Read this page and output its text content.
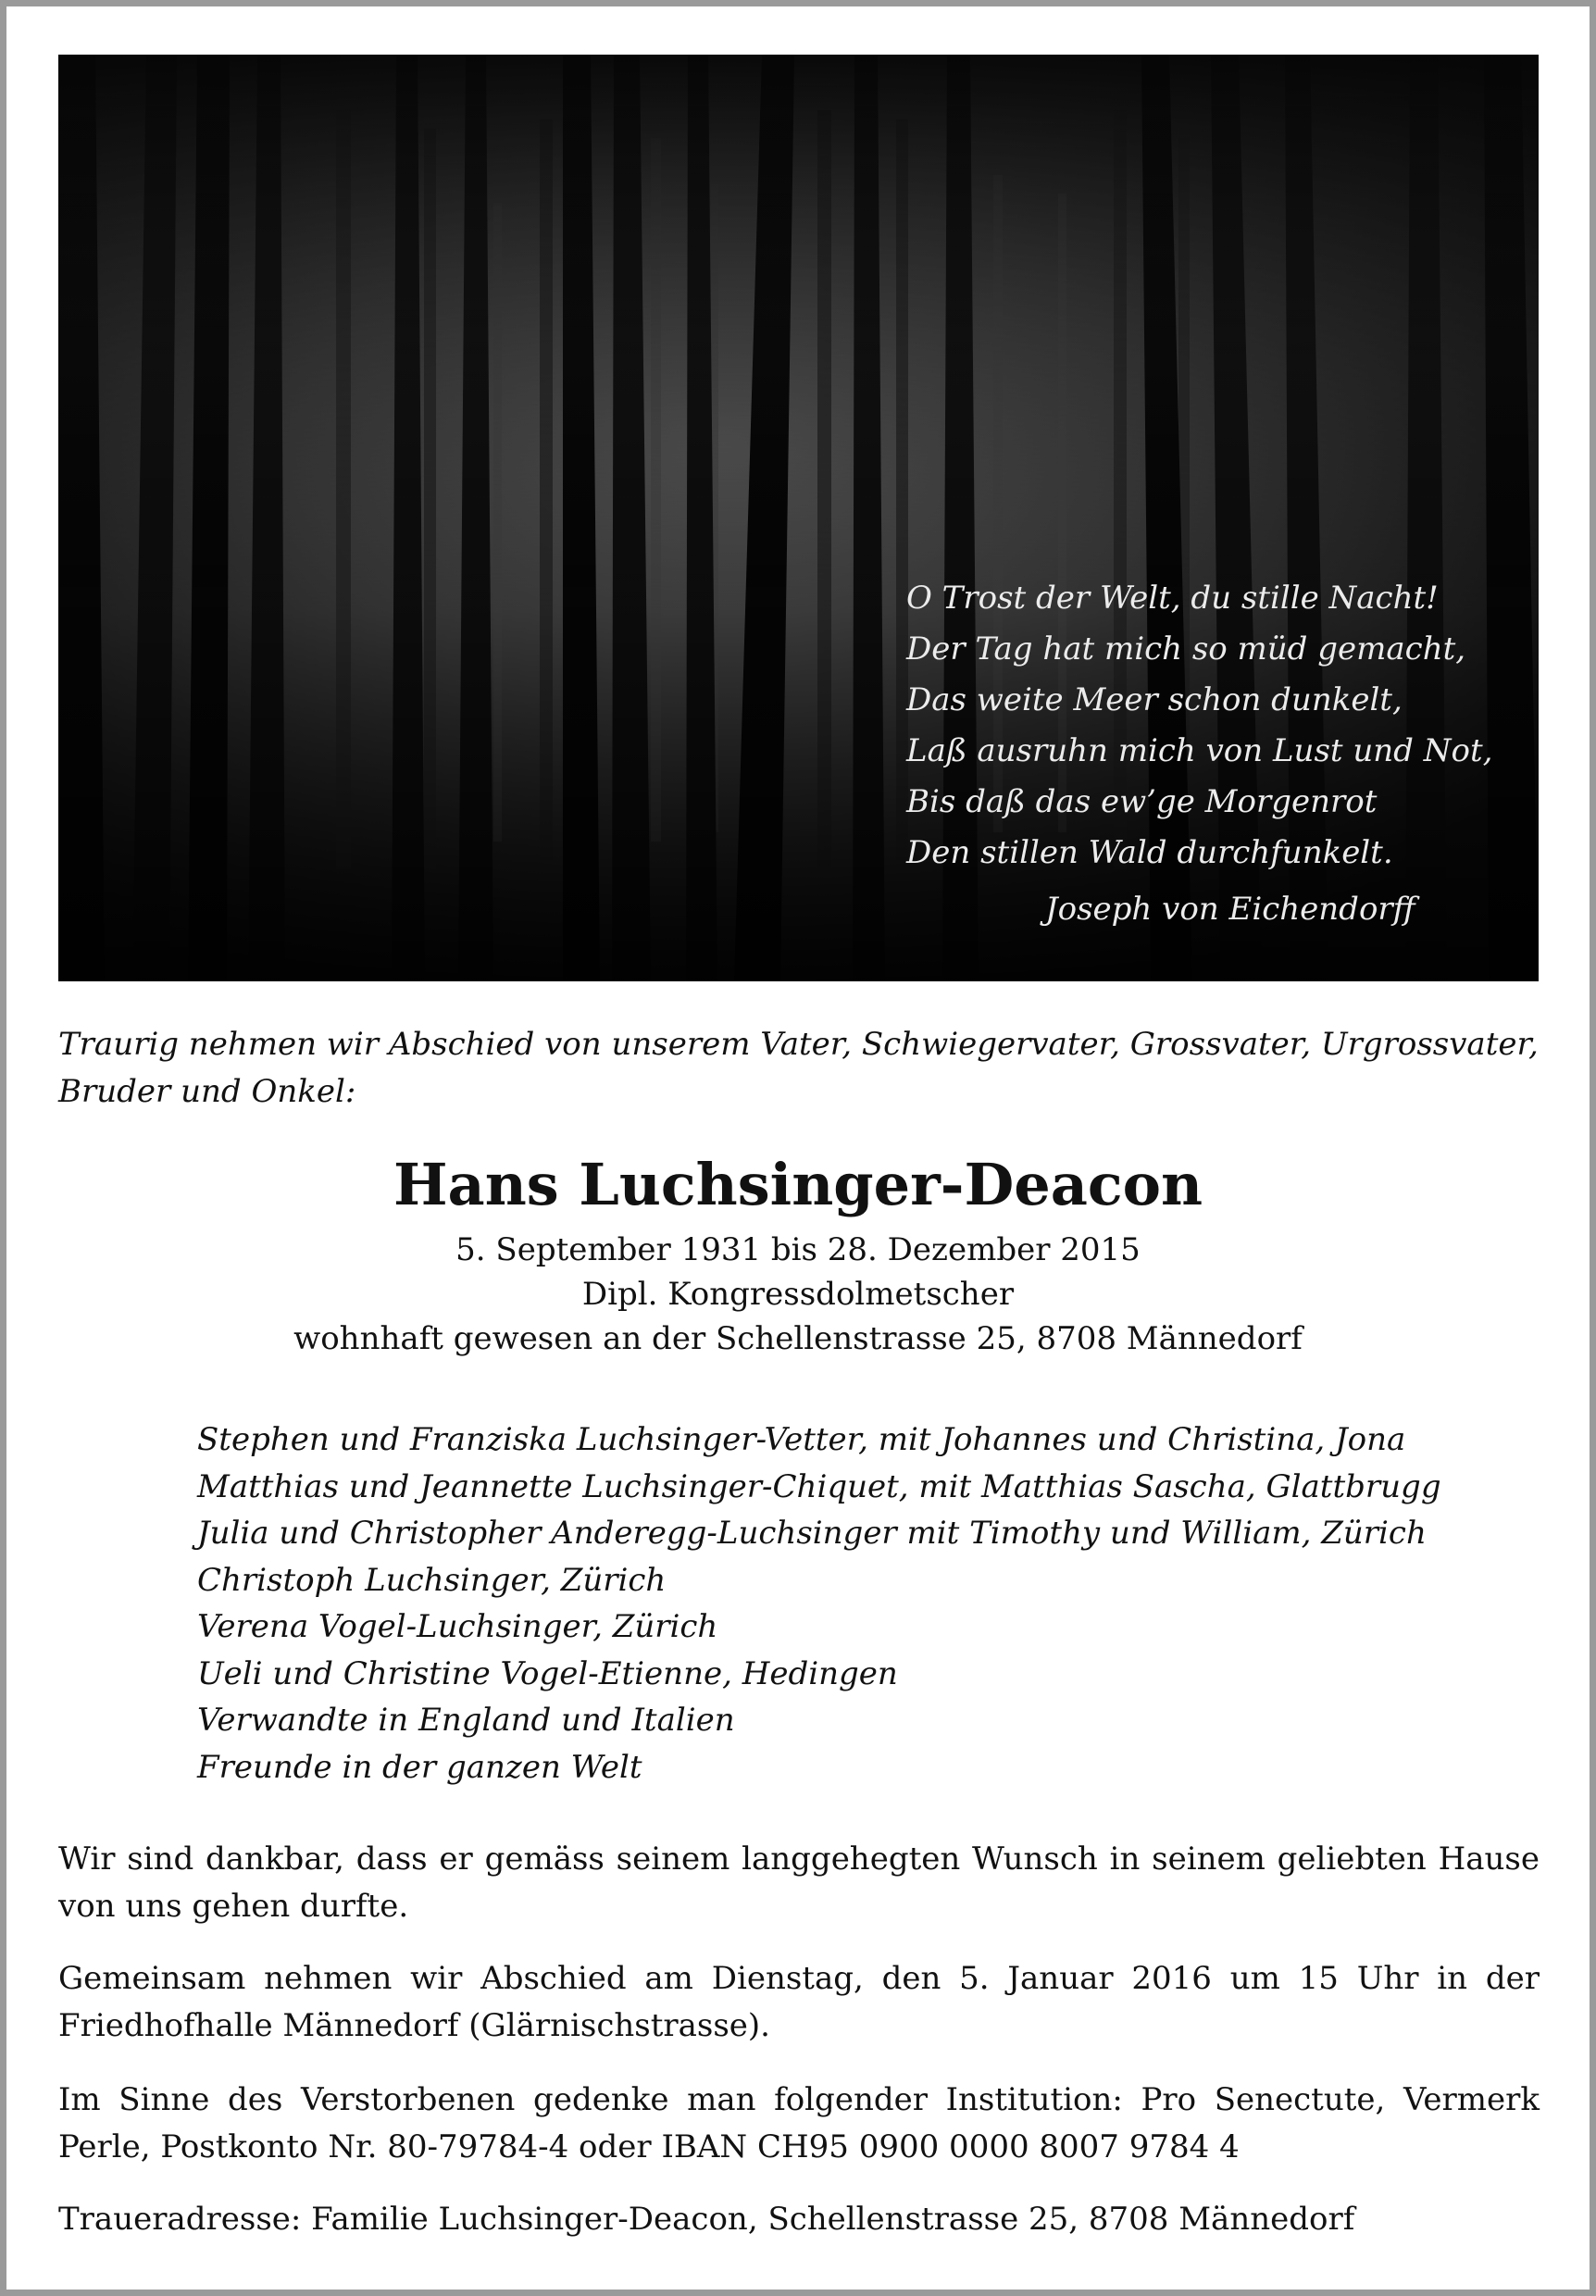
O Trost der Welt, du stille Nacht!
Der Tag hat mich so müd gemacht,
Das weite Meer schon dunkelt,
Laß ausruhn mich von Lust und Not,
Bis daß das ew’ge Morgenrot
Den stillen Wald durchfunkelt.
Joseph von Eichendorff
Traurig nehmen wir Abschied von unserem Vater, Schwiegervater, Grossvater, Urgrossvater, Bruder und Onkel:
Hans Luchsinger-Deacon
5. September 1931 bis 28. Dezember 2015
Dipl. Kongressdolmetscher
wohnhaft gewesen an der Schellenstrasse 25, 8708 Männedorf
Stephen und Franziska Luchsinger-Vetter, mit Johannes und Christina, Jona
Matthias und Jeannette Luchsinger-Chiquet, mit Matthias Sascha, Glattbrugg
Julia und Christopher Anderegg-Luchsinger mit Timothy und William, Zürich
Christoph Luchsinger, Zürich
Verena Vogel-Luchsinger, Zürich
Ueli und Christine Vogel-Etienne, Hedingen
Verwandte in England und Italien
Freunde in der ganzen Welt
Wir sind dankbar, dass er gemäss seinem langgehegten Wunsch in seinem geliebten Hause von uns gehen durfte.
Gemeinsam nehmen wir Abschied am Dienstag, den 5. Januar 2016 um 15 Uhr in der Friedhofhalle Männedorf (Glärnischstrasse).
Im Sinne des Verstorbenen gedenke man folgender Institution: Pro Senectute, Vermerk Perle, Postkonto Nr. 80-79784-4 oder IBAN CH95 0900 0000 8007 9784 4
Traueradresse: Familie Luchsinger-Deacon, Schellenstrasse 25, 8708 Männedorf
